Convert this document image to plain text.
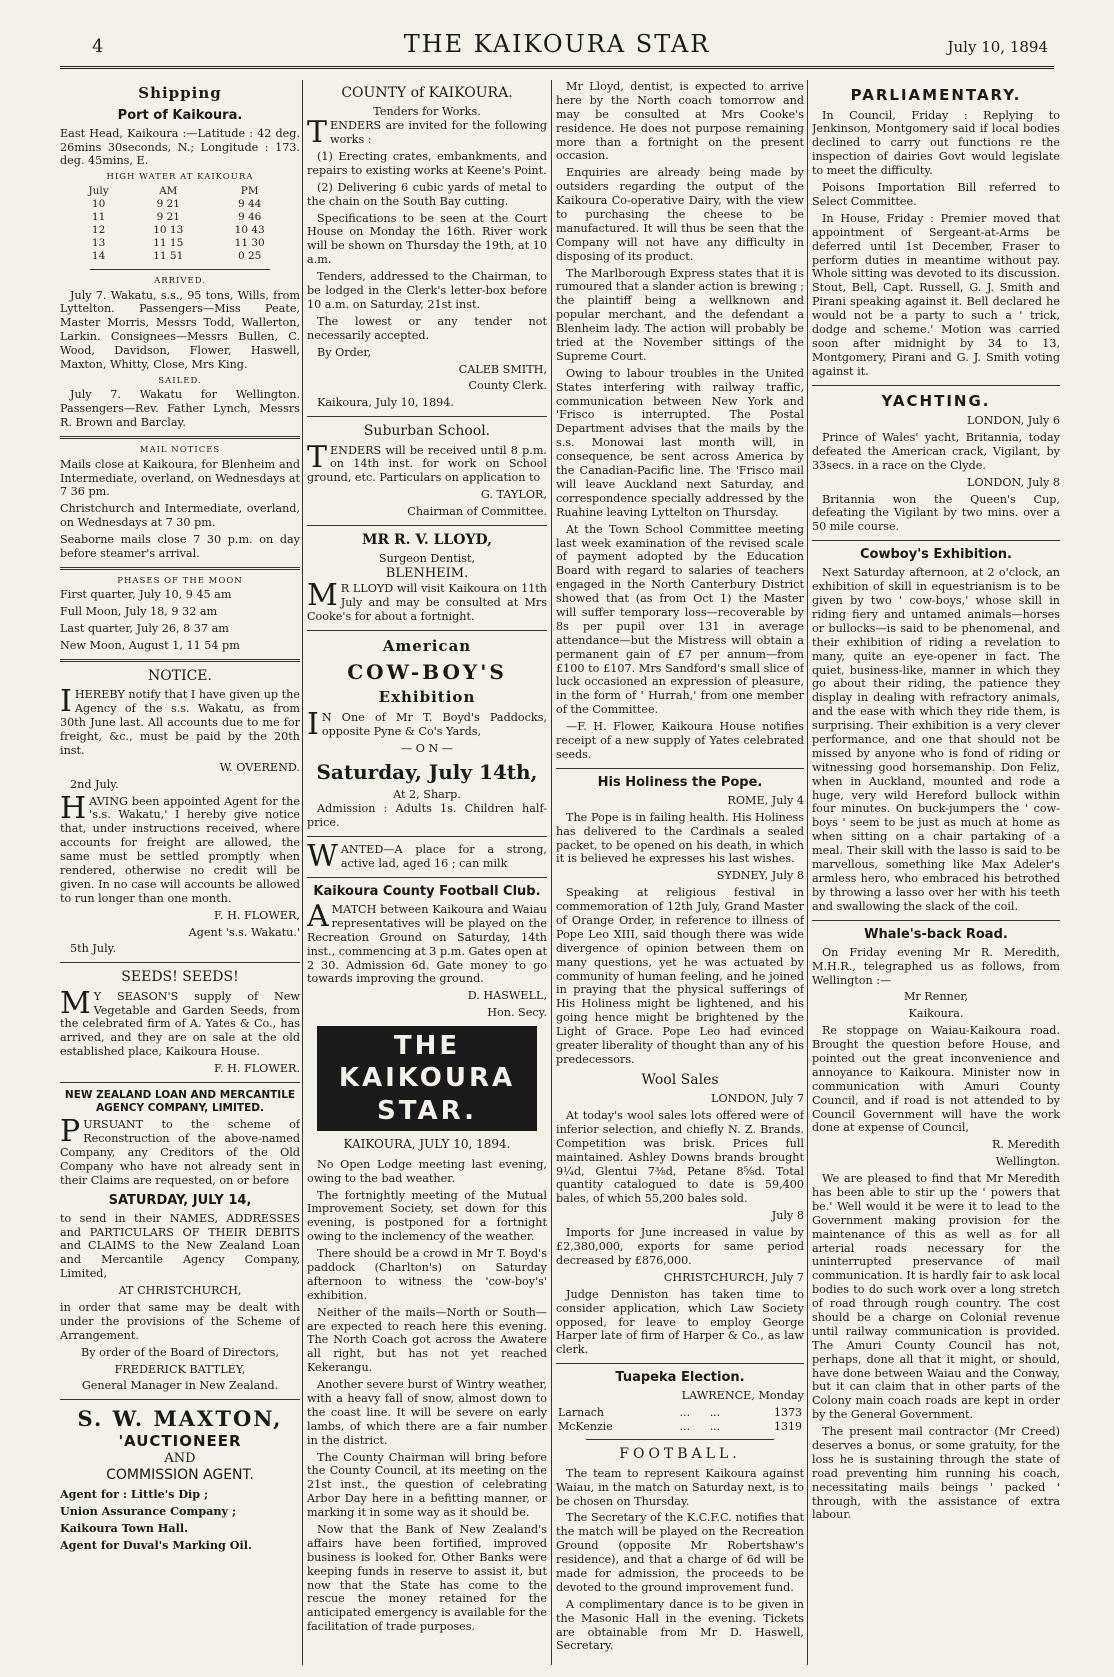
4	THE KAIKOURA STAR	July 10, 1894
Shipping
Port of Kaikoura.

East Head, Kaikoura :—Latitude : 42 deg. 26mins 30seconds, N.; Longitude : 173. deg. 45mins, E.

HIGH WATER AT KAIKOURA
July	AM	PM
10	9 21	9 44
11	9 21	9 46
12	10 13	10 43
13	11 15	11 30
14	11 51	0 25
ARRIVED.

July 7. Wakatu, s.s., 95 tons, Wills, from Lyttelton. Passengers—Miss Peate, Master Morris, Messrs Todd, Wallerton, Larkin. Consignees—Messrs Bullen, C. Wood, Davidson, Flower, Haswell, Maxton, Whitty, Close, Mrs King.

SAILED.

July 7. Wakatu for Wellington. Passengers—Rev. Father Lynch, Messrs R. Brown and Barclay.

MAIL NOTICES

Mails close at Kaikoura, for Blenheim and Intermediate, overland, on Wednesdays at 7 36 pm.

Christchurch and Intermediate, overland, on Wednesdays at 7 30 pm.

Seaborne mails close 7 30 p.m. on day before steamer's arrival.

PHASES OF THE MOON

First quarter, July 10, 9 45 am

Full Moon, July 18, 9 32 am

Last quarter, July 26, 8 37 am

New Moon, August 1, 11 54 pm

NOTICE.

IHEREBY notify that I have given up the Agency of the s.s. Wakatu, as from 30th June last. All accounts due to me for freight, &c., must be paid by the 20th inst.

W. OVEREND.

2nd July.

HAVING been appointed Agent for the 's.s. Wakatu,' I hereby give notice that, under instructions received, where accounts for freight are allowed, the same must be settled promptly when rendered, otherwise no credit will be given. In no case will accounts be allowed to run longer than one month.

F. H. FLOWER,

Agent 's.s. Wakatu.'

5th July.

SEEDS! SEEDS!

MY SEASON'S supply of New Vegetable and Garden Seeds, from the celebrated firm of A. Yates & Co., has arrived, and they are on sale at the old established place, Kaikoura House.

F. H. FLOWER.

NEW ZEALAND LOAN AND MERCANTILE AGENCY COMPANY, LIMITED.

PURSUANT to the scheme of Reconstruction of the above-named Company, any Creditors of the Old Company who have not already sent in their Claims are requested, on or before

SATURDAY, JULY 14,

to send in their NAMES, ADDRESSES and PARTICULARS OF THEIR DEBITS and CLAIMS to the New Zealand Loan and Mercantile Agency Company, Limited,

AT CHRISTCHURCH,

in order that same may be dealt with under the provisions of the Scheme of Arrangement.

By order of the Board of Directors,

FREDERICK BATTLEY,

General Manager in New Zealand.

S. W. MAXTON,
'AUCTIONEER
AND
COMMISSION AGENT.

Agent for : Little's Dip ;

Union Assurance Company ;

Kaikoura Town Hall.

Agent for Duval's Marking Oil.

COUNTY of KAIKOURA.
Tenders for Works.

TENDERS are invited for the following works :

(1) Erecting crates, embankments, and repairs to existing works at Keene's Point.

(2) Delivering 6 cubic yards of metal to the chain on the South Bay cutting.

Specifications to be seen at the Court House on Monday the 16th. River work will be shown on Thursday the 19th, at 10 a.m.

Tenders, addressed to the Chairman, to be lodged in the Clerk's letter-box before 10 a.m. on Saturday, 21st inst.

The lowest or any tender not necessarily accepted.

By Order,

CALEB SMITH,

County Clerk.

Kaikoura, July 10, 1894.

Suburban School.

TENDERS will be received until 8 p.m. on 14th inst. for work on School ground, etc. Particulars on application to

G. TAYLOR,

Chairman of Committee.

MR R. V. LLOYD,
Surgeon Dentist,
BLENHEIM.

MR LLOYD will visit Kaikoura on 11th July and may be consulted at Mrs Cooke's for about a fortnight.

American
COW-BOY'S
Exhibition

IN One of Mr T. Boyd's Paddocks, opposite Pyne & Co's Yards,

— O N —
Saturday, July 14th,
At 2, Sharp.

Admission : Adults 1s. Children half-price.

WANTED—A place for a strong, active lad, aged 16 ; can milk

Kaikoura County Football Club.

AMATCH between Kaikoura and Waiau representatives will be played on the Recreation Ground on Saturday, 14th inst., commencing at 3 p.m. Gates open at 2 30. Admission 6d. Gate money to go towards improving the ground.

D. HASWELL,

Hon. Secy.

THE KAIKOURA STAR.
KAIKOURA, JULY 10, 1894.

No Open Lodge meeting last evening, owing to the bad weather.

The fortnightly meeting of the Mutual Improvement Society, set down for this evening, is postponed for a fortnight owing to the inclemency of the weather.

There should be a crowd in Mr T. Boyd's paddock (Charlton's) on Saturday afternoon to witness the 'cow-boy's' exhibition.

Neither of the mails—North or South—are expected to reach here this evening. The North Coach got across the Awatere all right, but has not yet reached Kekerangu.

Another severe burst of Wintry weather, with a heavy fall of snow, almost down to the coast line. It will be severe on early lambs, of which there are a fair number in the district.

The County Chairman will bring before the County Council, at its meeting on the 21st inst., the question of celebrating Arbor Day here in a befitting manner, or marking it in some way as it should be.

Now that the Bank of New Zealand's affairs have been fortified, improved business is looked for. Other Banks were keeping funds in reserve to assist it, but now that the State has come to the rescue the money retained for the anticipated emergency is available for the facilitation of trade purposes.

Mr Lloyd, dentist, is expected to arrive here by the North coach tomorrow and may be consulted at Mrs Cooke's residence. He does not purpose remaining more than a fortnight on the present occasion.

Enquiries are already being made by outsiders regarding the output of the Kaikoura Co-operative Dairy, with the view to purchasing the cheese to be manufactured. It will thus be seen that the Company will not have any difficulty in disposing of its product.

The Marlborough Express states that it is rumoured that a slander action is brewing ; the plaintiff being a wellknown and popular merchant, and the defendant a Blenheim lady. The action will probably be tried at the November sittings of the Supreme Court.

Owing to labour troubles in the United States interfering with railway traffic, communication between New York and 'Frisco is interrupted. The Postal Department advises that the mails by the s.s. Monowai last month will, in consequence, be sent across America by the Canadian-Pacific line. The 'Frisco mail will leave Auckland next Saturday, and correspondence specially addressed by the Ruahine leaving Lyttelton on Thursday.

At the Town School Committee meeting last week examination of the revised scale of payment adopted by the Education Board with regard to salaries of teachers engaged in the North Canterbury District showed that (as from Oct 1) the Master will suffer temporary loss—recoverable by 8s per pupil over 131 in average attendance—but the Mistress will obtain a permanent gain of £7 per annum—from £100 to £107. Mrs Sandford's small slice of luck occasioned an expression of pleasure, in the form of ' Hurrah,' from one member of the Committee.

—F. H. Flower, Kaikoura House notifies receipt of a new supply of Yates celebrated seeds.

His Holiness the Pope.

ROME, July 4

The Pope is in failing health. His Holiness has delivered to the Cardinals a sealed packet, to be opened on his death, in which it is believed he expresses his last wishes.

SYDNEY, July 8

Speaking at religious festival in commemoration of 12th July, Grand Master of Orange Order, in reference to illness of Pope Leo XIII, said though there was wide divergence of opinion between them on many questions, yet he was actuated by community of human feeling, and he joined in praying that the physical sufferings of His Holiness might be lightened, and his going hence might be brightened by the Light of Grace. Pope Leo had evinced greater liberality of thought than any of his predecessors.

Wool Sales

LONDON, July 7

At today's wool sales lots offered were of inferior selection, and chiefly N. Z. Brands. Competition was brisk. Prices full maintained. Ashley Downs brands brought 9¼d, Glentui 7⅜d, Petane 8⅝d. Total quantity catalogued to date is 59,400 bales, of which 55,200 bales sold.

July 8

Imports for June increased in value by £2,380,000, exports for same period decreased by £876,000.

CHRISTCHURCH, July 7

Judge Denniston has taken time to consider application, which Law Society opposed, for leave to employ George Harper late of firm of Harper & Co., as law clerk.

Tuapeka Election.

LAWRENCE, Monday

Larnach	...	...	1373
McKenzie	...	...	1319
FOOTBALL.

The team to represent Kaikoura against Waiau, in the match on Saturday next, is to be chosen on Thursday.

The Secretary of the K.C.F.C. notifies that the match will be played on the Recreation Ground (opposite Mr Robertshaw's residence), and that a charge of 6d will be made for admission, the proceeds to be devoted to the ground improvement fund.

A complimentary dance is to be given in the Masonic Hall in the evening. Tickets are obtainable from Mr D. Haswell, Secretary.

PARLIAMENTARY.

In Council, Friday : Replying to Jenkinson, Montgomery said if local bodies declined to carry out functions re the inspection of dairies Govt would legislate to meet the difficulty.

Poisons Importation Bill referred to Select Committee.

In House, Friday : Premier moved that appointment of Sergeant-at-Arms be deferred until 1st December, Fraser to perform duties in meantime without pay. Whole sitting was devoted to its discussion. Stout, Bell, Capt. Russell, G. J. Smith and Pirani speaking against it. Bell declared he would not be a party to such a ' trick, dodge and scheme.' Motion was carried soon after midnight by 34 to 13, Montgomery, Pirani and G. J. Smith voting against it.

YACHTING.

LONDON, July 6

Prince of Wales' yacht, Britannia, today defeated the American crack, Vigilant, by 33secs. in a race on the Clyde.

LONDON, July 8

Britannia won the Queen's Cup, defeating the Vigilant by two mins. over a 50 mile course.

Cowboy's Exhibition.

Next Saturday afternoon, at 2 o'clock, an exhibition of skill in equestrianism is to be given by two ' cow-boys,' whose skill in riding fiery and untamed animals—horses or bullocks—is said to be phenomenal, and their exhibition of riding a revelation to many, quite an eye-opener in fact. The quiet, business-like, manner in which they go about their riding, the patience they display in dealing with refractory animals, and the ease with which they ride them, is surprising. Their exhibition is a very clever performance, and one that should not be missed by anyone who is fond of riding or witnessing good horsemanship. Don Feliz, when in Auckland, mounted and rode a huge, very wild Hereford bullock within four minutes. On buck-jumpers the ' cow-boys ' seem to be just as much at home as when sitting on a chair partaking of a meal. Their skill with the lasso is said to be marvellous, something like Max Adeler's armless hero, who embraced his betrothed by throwing a lasso over her with his teeth and swallowing the slack of the coil.

Whale's-back Road.

On Friday evening Mr R. Meredith, M.H.R., telegraphed us as follows, from Wellington :—

Mr Renner,

Kaikoura.

Re stoppage on Waiau-Kaikoura road. Brought the question before House, and pointed out the great inconvenience and annoyance to Kaikoura. Minister now in communication with Amuri County Council, and if road is not attended to by Council Government will have the work done at expense of Council,

R. Meredith

Wellington.

We are pleased to find that Mr Meredith has been able to stir up the ' powers that be.' Well would it be were it to lead to the Government making provision for the maintenance of this as well as for all arterial roads necessary for the uninterrupted preservance of mail communication. It is hardly fair to ask local bodies to do such work over a long stretch of road through rough country. The cost should be a charge on Colonial revenue until railway communication is provided. The Amuri County Council has not, perhaps, done all that it might, or should, have done between Waiau and the Conway, but it can claim that in other parts of the Colony main coach roads are kept in order by the General Government.

The present mail contractor (Mr Creed) deserves a bonus, or some gratuity, for the loss he is sustaining through the state of road preventing him running his coach, necessitating mails beings ' packed ' through, with the assistance of extra labour.
